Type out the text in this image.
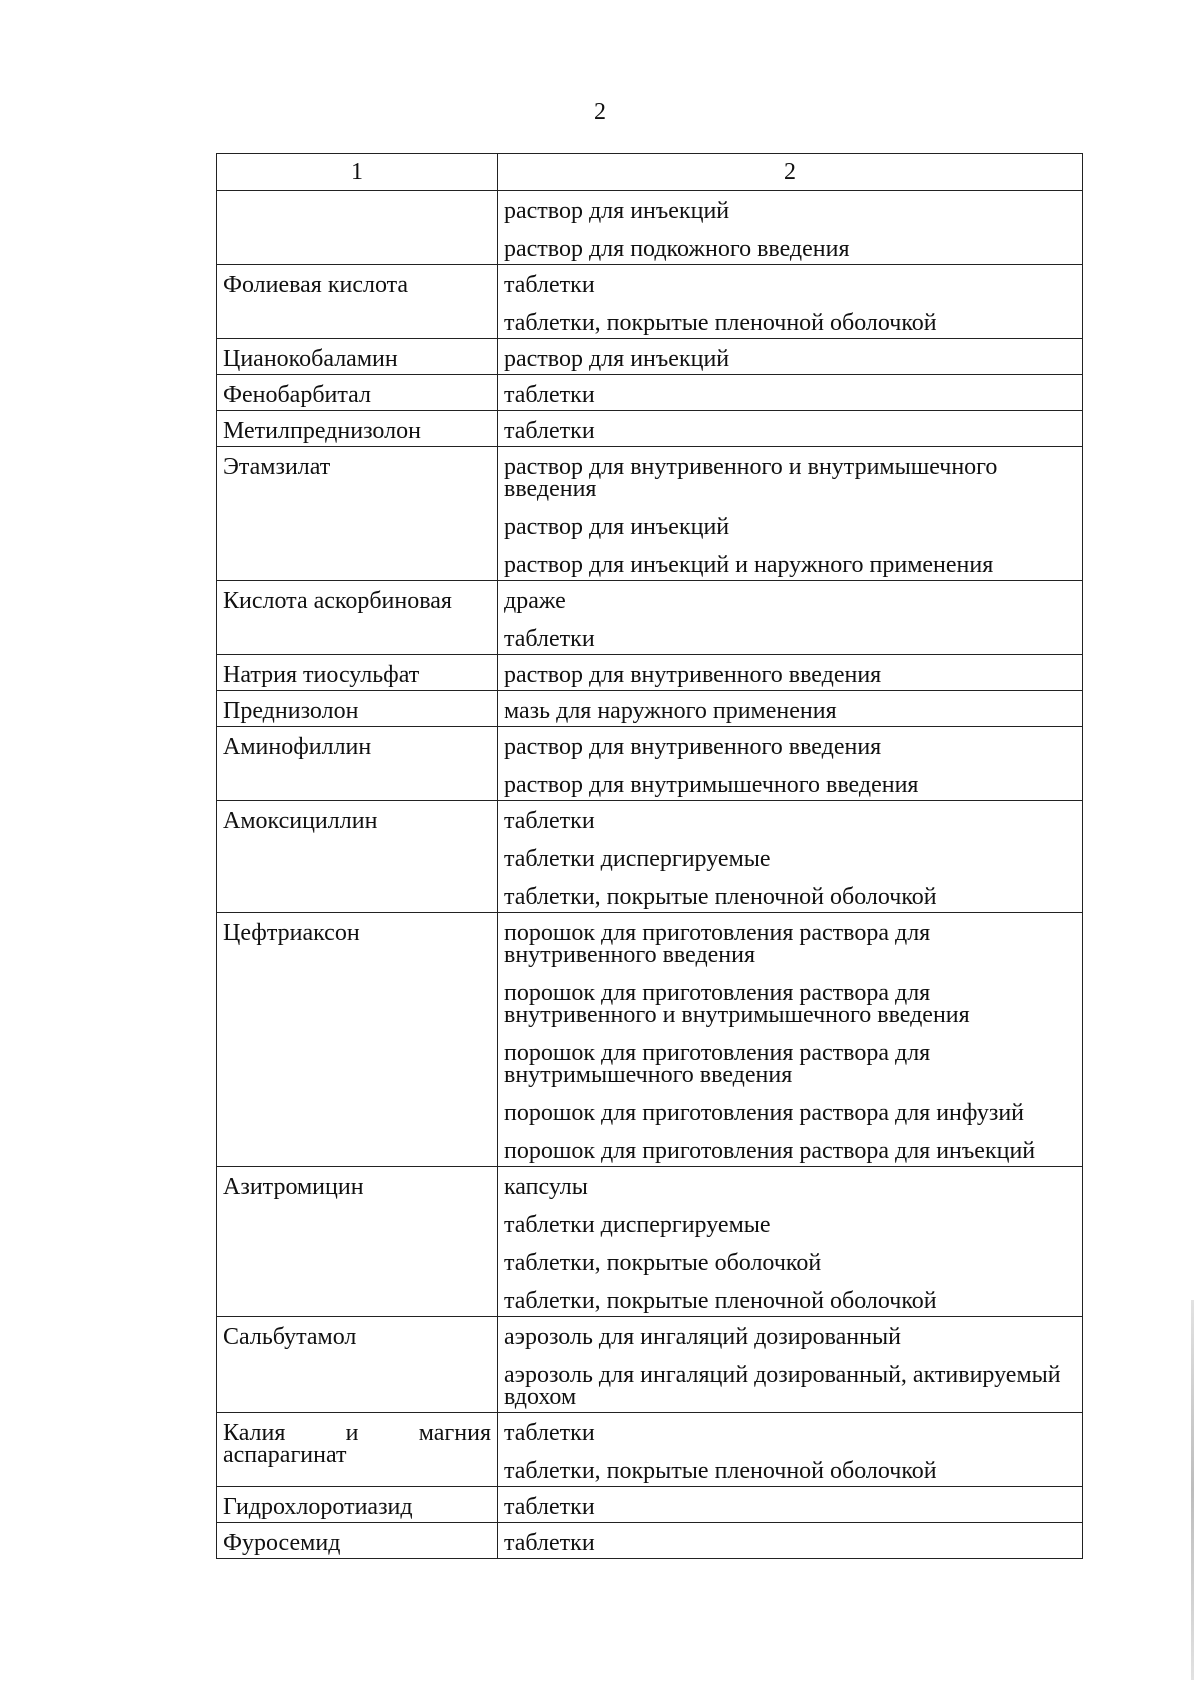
2
1	2

	раствор для инъекций
раствор для подкожного введения

Фолиевая кислота	таблетки
таблетки, покрытые пленочной оболочкой

Цианокобаламин	раствор для инъекций

Фенобарбитал	таблетки

Метилпреднизолон	таблетки

Этамзилат	раствор для внутривенного и внутримышечного введения
раствор для инъекций
раствор для инъекций и наружного применения

Кислота аскорбиновая	драже
таблетки

Натрия тиосульфат	раствор для внутривенного введения

Преднизолон	мазь для наружного применения

Аминофиллин	раствор для внутривенного введения
раствор для внутримышечного введения

Амоксициллин	таблетки
таблетки диспергируемые
таблетки, покрытые пленочной оболочкой

Цефтриаксон	порошок для приготовления раствора для внутривенного введения
порошок для приготовления раствора для внутривенного и внутримышечного введения
порошок для приготовления раствора для внутримышечного введения
порошок для приготовления раствора для инфузий
порошок для приготовления раствора для инъекций

Азитромицин	капсулы
таблетки диспергируемые
таблетки, покрытые оболочкой
таблетки, покрытые пленочной оболочкой

Сальбутамол	аэрозоль для ингаляций дозированный
аэрозоль для ингаляций дозированный, активируемый вдохом

Калия и магния аспарагинат	таблетки
таблетки, покрытые пленочной оболочкой

Гидрохлоротиазид	таблетки

Фуросемид	таблетки
